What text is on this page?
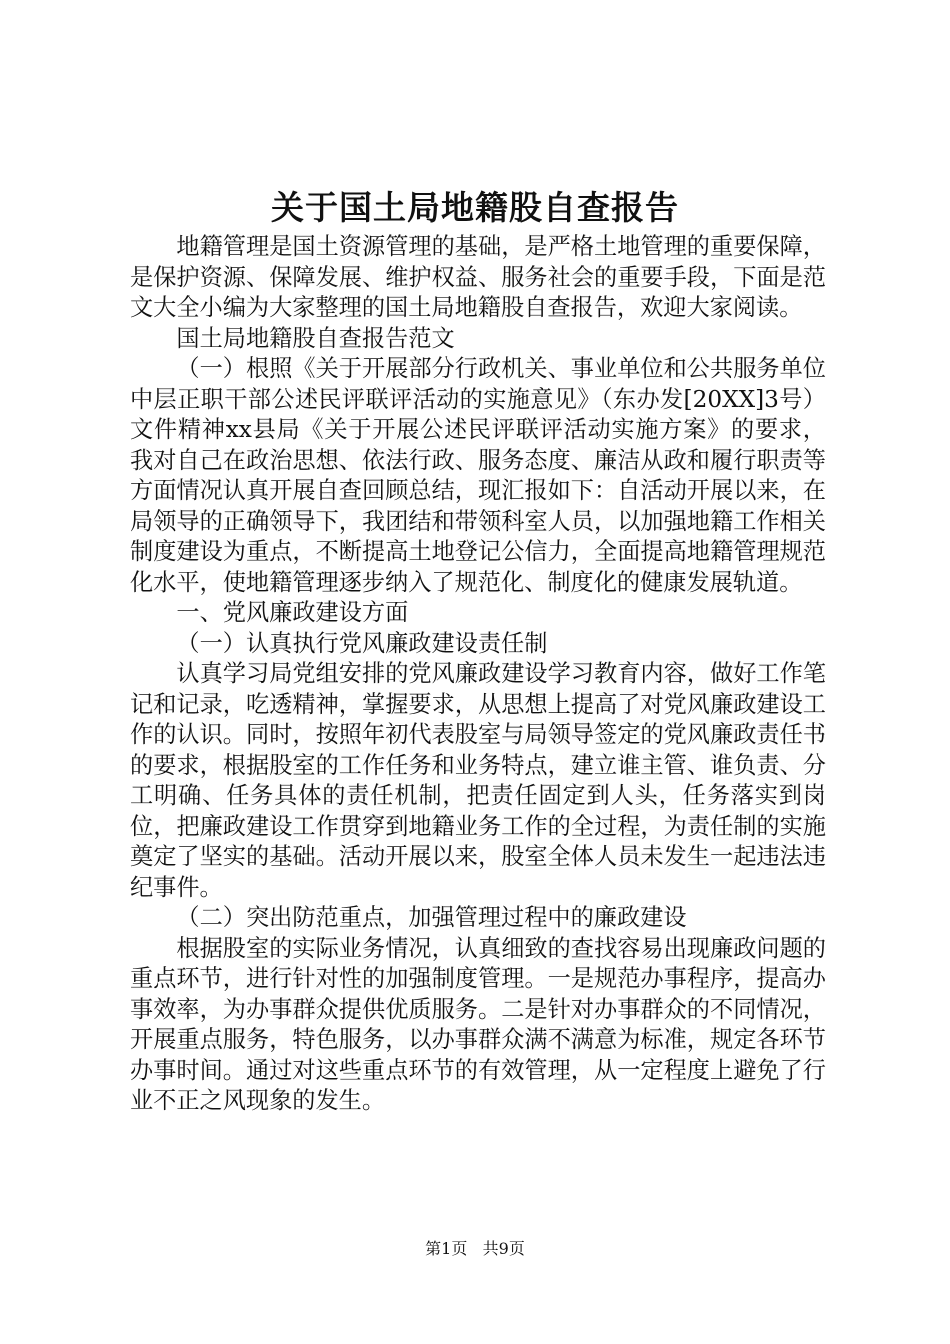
关于国土局地籍股自查报告

地籍管理是国土资源管理的基础，是严格土地管理的重要保障，是保护资源、保障发展、维护权益、服务社会的重要手段，下面是范文大全小编为大家整理的国土局地籍股自查报告，欢迎大家阅读。

国土局地籍股自查报告范文

（一）根照《关于开展部分行政机关、事业单位和公共服务单位中层正职干部公述民评联评活动的实施意见》（东办发[20XX]3号）文件精神xx县局《关于开展公述民评联评活动实施方案》的要求，我对自己在政治思想、依法行政、服务态度、廉洁从政和履行职责等方面情况认真开展自查回顾总结，现汇报如下：自活动开展以来，在局领导的正确领导下，我团结和带领科室人员，以加强地籍工作相关制度建设为重点，不断提高土地登记公信力，全面提高地籍管理规范化水平，使地籍管理逐步纳入了规范化、制度化的健康发展轨道。

一、党风廉政建设方面

（一）认真执行党风廉政建设责任制

认真学习局党组安排的党风廉政建设学习教育内容，做好工作笔记和记录，吃透精神，掌握要求，从思想上提高了对党风廉政建设工作的认识。同时，按照年初代表股室与局领导签定的党风廉政责任书的要求，根据股室的工作任务和业务特点，建立谁主管、谁负责、分工明确、任务具体的责任机制，把责任固定到人头，任务落实到岗位，把廉政建设工作贯穿到地籍业务工作的全过程，为责任制的实施奠定了坚实的基础。活动开展以来，股室全体人员未发生一起违法违纪事件。

（二）突出防范重点，加强管理过程中的廉政建设

根据股室的实际业务情况，认真细致的查找容易出现廉政问题的重点环节，进行针对性的加强制度管理。一是规范办事程序，提高办事效率，为办事群众提供优质服务。二是针对办事群众的不同情况，开展重点服务，特色服务，以办事群众满不满意为标准，规定各环节办事时间。通过对这些重点环节的有效管理，从一定程度上避免了行业不正之风现象的发生。

第1页 共9页
